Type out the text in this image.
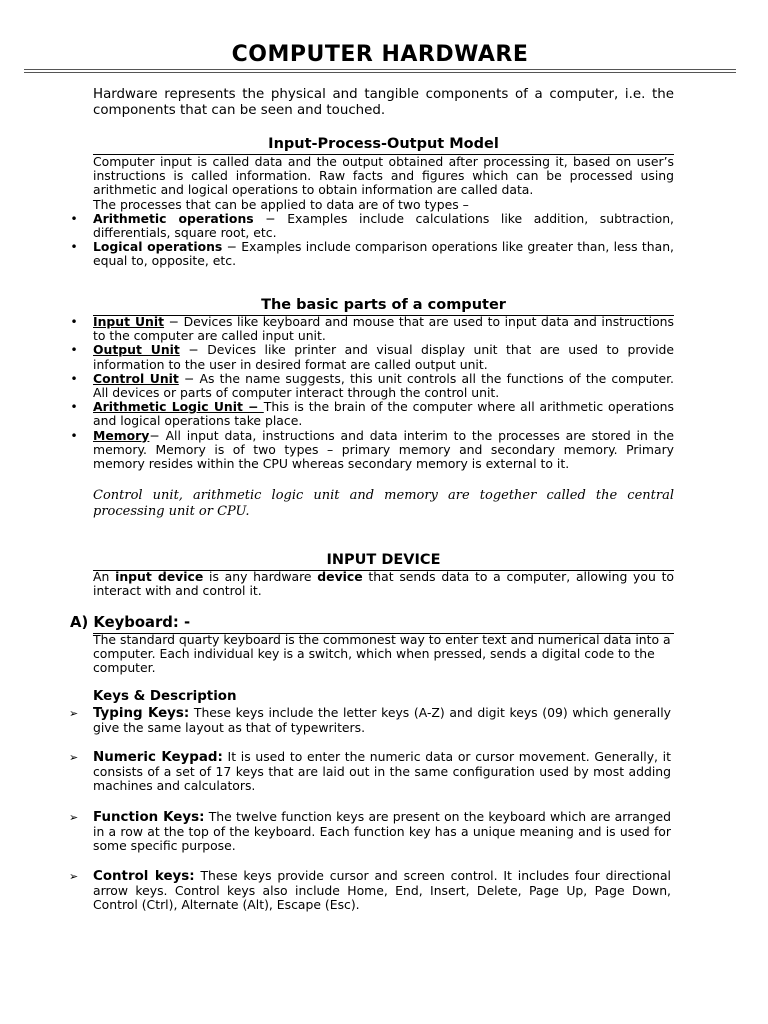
COMPUTER HARDWARE
Hardware represents the physical and tangible components of a computer, i.e. the components that can be seen and touched.
Input-Process-Output Model

Computer input is called data and the output obtained after processing it, based on user’s instructions is called information. Raw facts and figures which can be processed using arithmetic and logical operations to obtain information are called data.

The processes that can be applied to data are of two types –

• Arithmetic operations − Examples include calculations like addition, subtraction, differentials, square root, etc.
• Logical operations − Examples include comparison operations like greater than, less than, equal to, opposite, etc.
The basic parts of a computer
• Input Unit − Devices like keyboard and mouse that are used to input data and instructions to the computer are called input unit.
• Output Unit − Devices like printer and visual display unit that are used to provide information to the user in desired format are called output unit.
• Control Unit − As the name suggests, this unit controls all the functions of the computer. All devices or parts of computer interact through the control unit.
• Arithmetic Logic Unit − This is the brain of the computer where all arithmetic operations and logical operations take place.
• Memory− All input data, instructions and data interim to the processes are stored in the memory. Memory is of two types – primary memory and secondary memory. Primary memory resides within the CPU whereas secondary memory is external to it.
Control unit, arithmetic logic unit and memory are together called the central processing unit or CPU.
INPUT DEVICE

An input device is any hardware device that sends data to a computer, allowing you to interact with and control it.

A) Keyboard: -
The standard quarty keyboard is the commonest way to enter text and numerical data into a computer. Each individual key is a switch, which when pressed, sends a digital code to the computer.
Keys & Description
➢ Typing Keys: These keys include the letter keys (A-Z) and digit keys (09) which generally give the same layout as that of typewriters.
➢ Numeric Keypad: It is used to enter the numeric data or cursor movement. Generally, it consists of a set of 17 keys that are laid out in the same configuration used by most adding machines and calculators.
➢ Function Keys: The twelve function keys are present on the keyboard which are arranged in a row at the top of the keyboard. Each function key has a unique meaning and is used for some specific purpose.
➢ Control keys: These keys provide cursor and screen control. It includes four directional arrow keys. Control keys also include Home, End, Insert, Delete, Page Up, Page Down, Control (Ctrl), Alternate (Alt), Escape (Esc).
